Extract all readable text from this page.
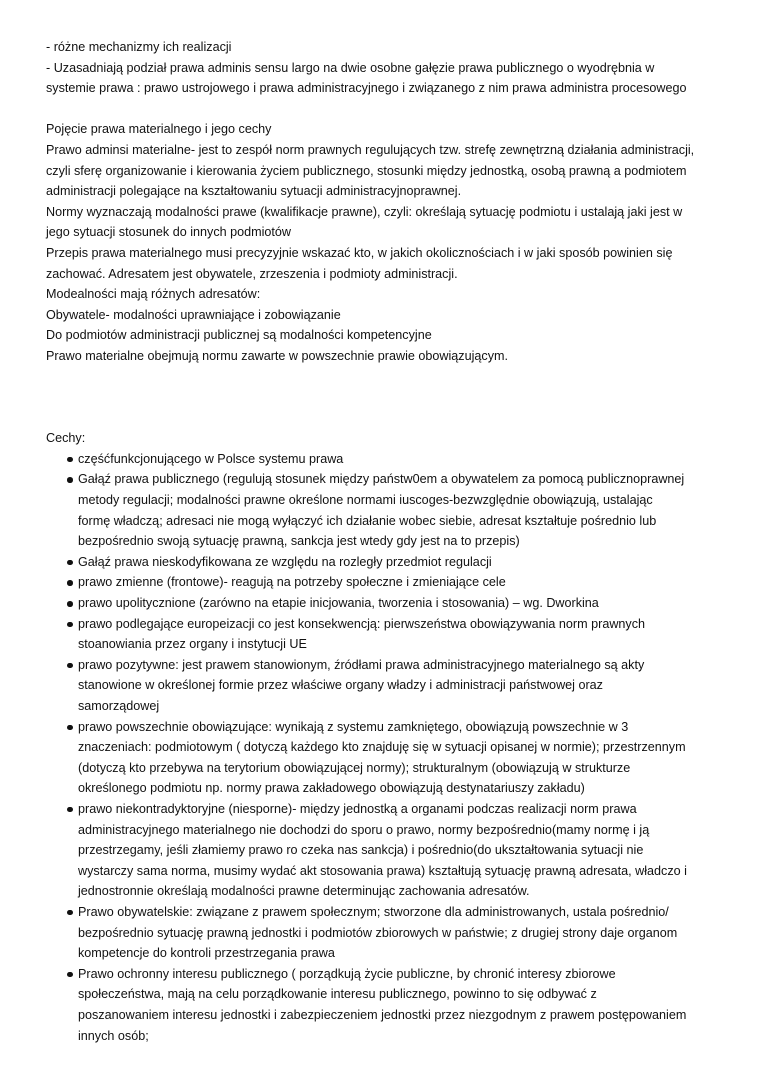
- różne mechanizmy ich realizacji
- Uzasadniają podział prawa adminis sensu largo na dwie osobne gałęzie prawa publicznego o wyodrębnia w
systemie prawa : prawo ustrojowego i prawa administracyjnego i związanego z nim prawa administra procesowego
Pojęcie prawa materialnego i jego cechy
Prawo adminsi materialne- jest to zespół norm prawnych regulujących tzw. strefę zewnętrzną działania administracji,
czyli sferę organizowanie i kierowania życiem publicznego, stosunki między jednostką, osobą prawną a podmiotem
administracji polegające na kształtowaniu sytuacji administracyjnoprawnej.
Normy wyznaczają modalności prawe (kwalifikacje prawne), czyli: określają sytuację podmiotu i ustalają jaki jest w
jego sytuacji stosunek do innych podmiotów
Przepis prawa materialnego musi precyzyjnie wskazać kto, w jakich okolicznościach i w jaki sposób powinien się
zachować. Adresatem jest obywatele, zrzeszenia i podmioty administracji.
Modealności mają różnych adresatów:
Obywatele- modalności uprawniające i zobowiązanie
Do podmiotów administracji publicznej są modalności kompetencyjne
Prawo materialne obejmują normu zawarte w powszechnie prawie obowiązującym.
Cechy:
częśćfunkcjonującego w Polsce systemu prawa
Gałąź prawa publicznego (regulują stosunek między państw0em a obywatelem za pomocą publicznoprawnej
metody regulacji; modalności prawne określone normami iuscoges-bezwzględnie obowiązują, ustalając
formę władczą; adresaci nie mogą wyłączyć ich działanie wobec siebie, adresat kształtuje pośrednio lub
bezpośrednio swoją sytuację prawną, sankcja jest wtedy gdy jest na to przepis)
Gałąź prawa nieskodyfikowana ze względu na rozległy przedmiot regulacji
prawo zmienne (frontowe)- reagują na potrzeby społeczne i zmieniające cele
prawo upolitycznione (zarówno na etapie inicjowania, tworzenia i stosowania) – wg. Dworkina
prawo podlegające europeizacji co jest konsekwencją: pierwszeństwa obowiązywania norm prawnych
stoanowiania przez organy i instytucji UE
prawo pozytywne: jest prawem stanowionym, źródłami prawa administracyjnego materialnego są akty
stanowione w określonej formie przez właściwe organy władzy i administracji państwowej oraz
samorządowej
prawo powszechnie obowiązujące: wynikają z systemu zamkniętego, obowiązują powszechnie w 3
znaczeniach: podmiotowym ( dotyczą każdego kto znajduję się w sytuacji opisanej w normie); przestrzennym
(dotyczą kto przebywa na terytorium obowiązującej normy); strukturalnym (obowiązują w strukturze
określonego podmiotu np. normy prawa zakładowego obowiązują destynatariuszy zakładu)
prawo niekontradyktoryjne (niesporne)- między jednostką a organami podczas realizacji norm prawa
administracyjnego materialnego nie dochodzi do sporu o prawo, normy bezpośrednio(mamy normę i ją
przestrzegamy, jeśli złamiemy prawo ro czeka nas sankcja) i pośrednio(do ukształtowania sytuacji nie
wystarczy sama norma, musimy wydać akt stosowania prawa) kształtują sytuację prawną adresata, władczo i
jednostronnie określają modalności prawne determinując zachowania adresatów.
Prawo obywatelskie: związane z prawem społecznym; stworzone dla administrowanych, ustala pośrednio/
bezpośrednio sytuację prawną jednostki i podmiotów zbiorowych w państwie; z drugiej strony daje organom
kompetencje do kontroli przestrzegania prawa
Prawo ochronny interesu publicznego ( porządkują życie publiczne, by chronić interesy zbiorowe
społeczeństwa, mają na celu porządkowanie interesu publicznego, powinno to się odbywać z
poszanowaniem interesu jednostki i zabezpieczeniem jednostki przez niezgodnym z prawem postępowaniem
innych osób;
